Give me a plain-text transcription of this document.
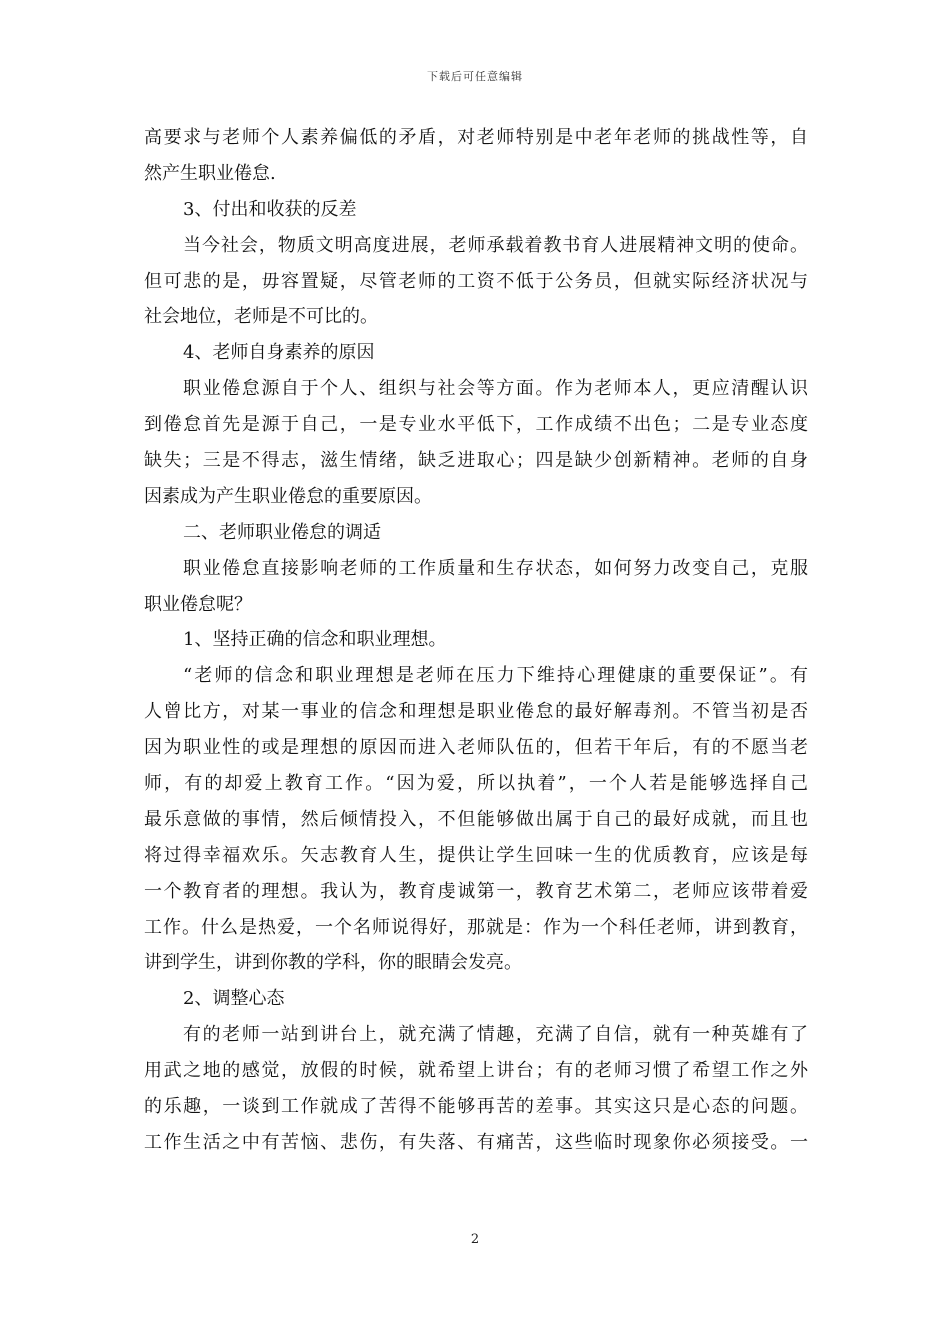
下载后可任意编辑
高要求与老师个人素养偏低的矛盾，对老师特别是中老年老师的挑战性等，自
然产生职业倦怠.
3、付出和收获的反差
当今社会，物质文明高度进展，老师承载着教书育人进展精神文明的使命。
但可悲的是，毋容置疑，尽管老师的工资不低于公务员，但就实际经济状况与
社会地位，老师是不可比的。
4、老师自身素养的原因
职业倦怠源自于个人、组织与社会等方面。作为老师本人，更应清醒认识
到倦怠首先是源于自己，一是专业水平低下，工作成绩不出色；二是专业态度
缺失；三是不得志，滋生情绪，缺乏进取心；四是缺少创新精神。老师的自身
因素成为产生职业倦怠的重要原因。
二、老师职业倦怠的调适
职业倦怠直接影响老师的工作质量和生存状态，如何努力改变自己，克服
职业倦怠呢？
1、坚持正确的信念和职业理想。
“老师的信念和职业理想是老师在压力下维持心理健康的重要保证”。有
人曾比方，对某一事业的信念和理想是职业倦怠的最好解毒剂。不管当初是否
因为职业性的或是理想的原因而进入老师队伍的，但若干年后，有的不愿当老
师，有的却爱上教育工作。“因为爱，所以执着”，一个人若是能够选择自己
最乐意做的事情，然后倾情投入，不但能够做出属于自己的最好成就，而且也
将过得幸福欢乐。矢志教育人生，提供让学生回味一生的优质教育，应该是每
一个教育者的理想。我认为，教育虔诚第一，教育艺术第二，老师应该带着爱
工作。什么是热爱，一个名师说得好，那就是：作为一个科任老师，讲到教育，
讲到学生，讲到你教的学科，你的眼睛会发亮。
2、调整心态
有的老师一站到讲台上，就充满了情趣，充满了自信，就有一种英雄有了
用武之地的感觉，放假的时候，就希望上讲台；有的老师习惯了希望工作之外
的乐趣，一谈到工作就成了苦得不能够再苦的差事。其实这只是心态的问题。
工作生活之中有苦恼、悲伤，有失落、有痛苦，这些临时现象你必须接受。一
2
